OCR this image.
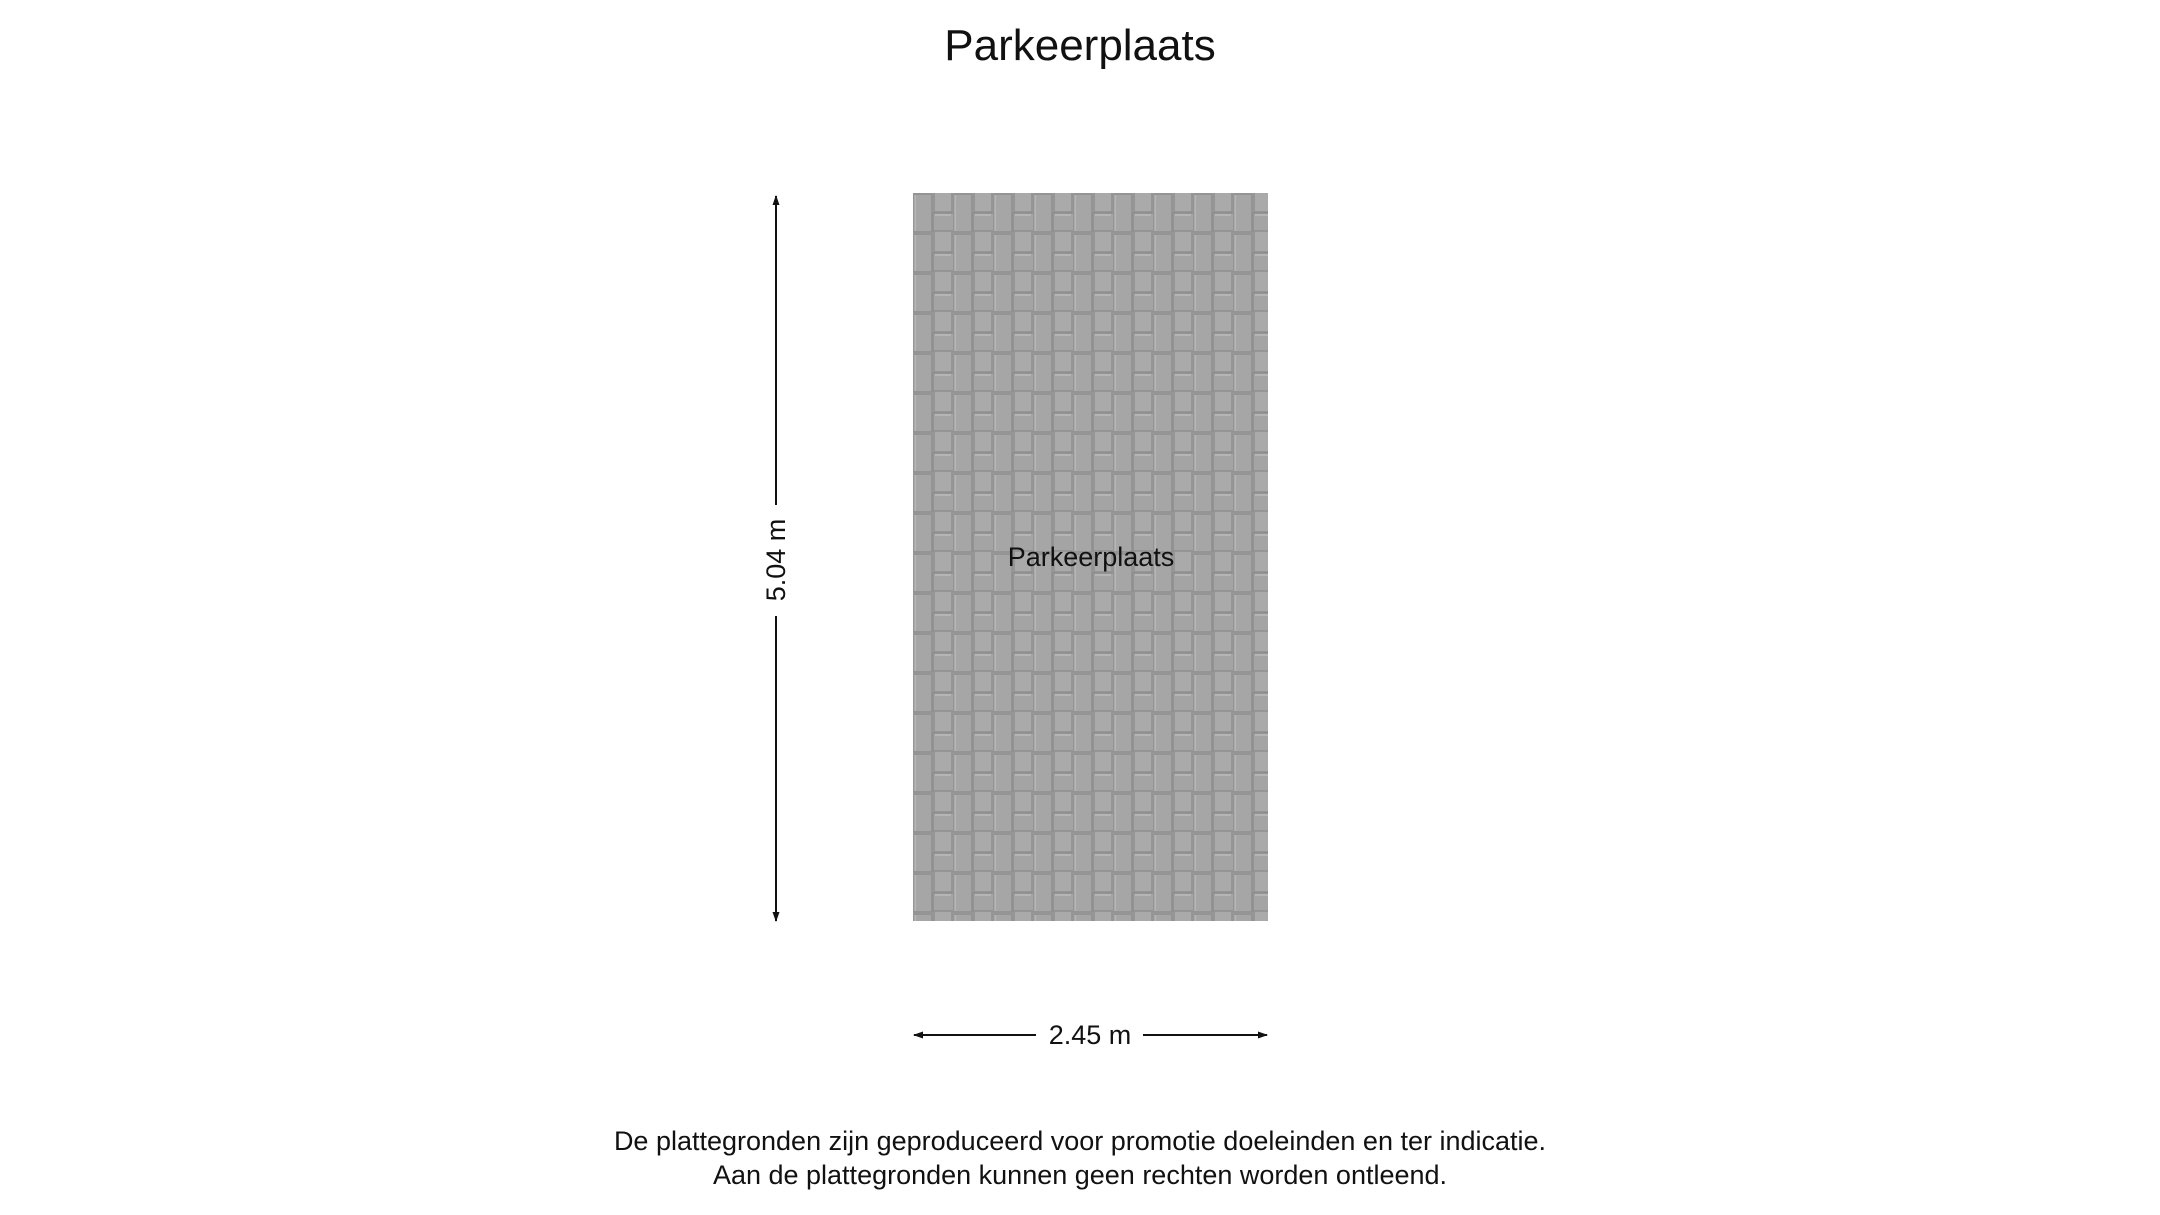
Parkeerplaats
Parkeerplaats
5.04 m
2.45 m
De plattegronden zijn geproduceerd voor promotie doeleinden en ter indicatie.
Aan de plattegronden kunnen geen rechten worden ontleend.
